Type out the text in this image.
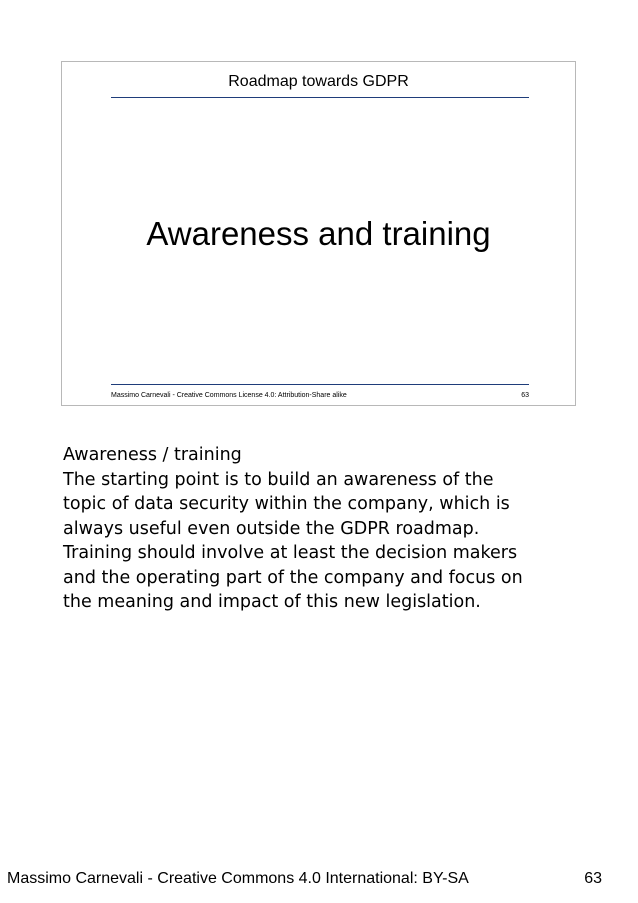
Roadmap towards GDPR
Awareness and training
Massimo Carnevali - Creative Commons License 4.0: Attribution-Share alike	63
Awareness / training
The starting point is to build an awareness of the
topic of data security within the company, which is
always useful even outside the GDPR roadmap.
Training should involve at least the decision makers
and the operating part of the company and focus on
the meaning and impact of this new legislation.
Massimo Carnevali - Creative Commons 4.0 International: BY-SA	63
